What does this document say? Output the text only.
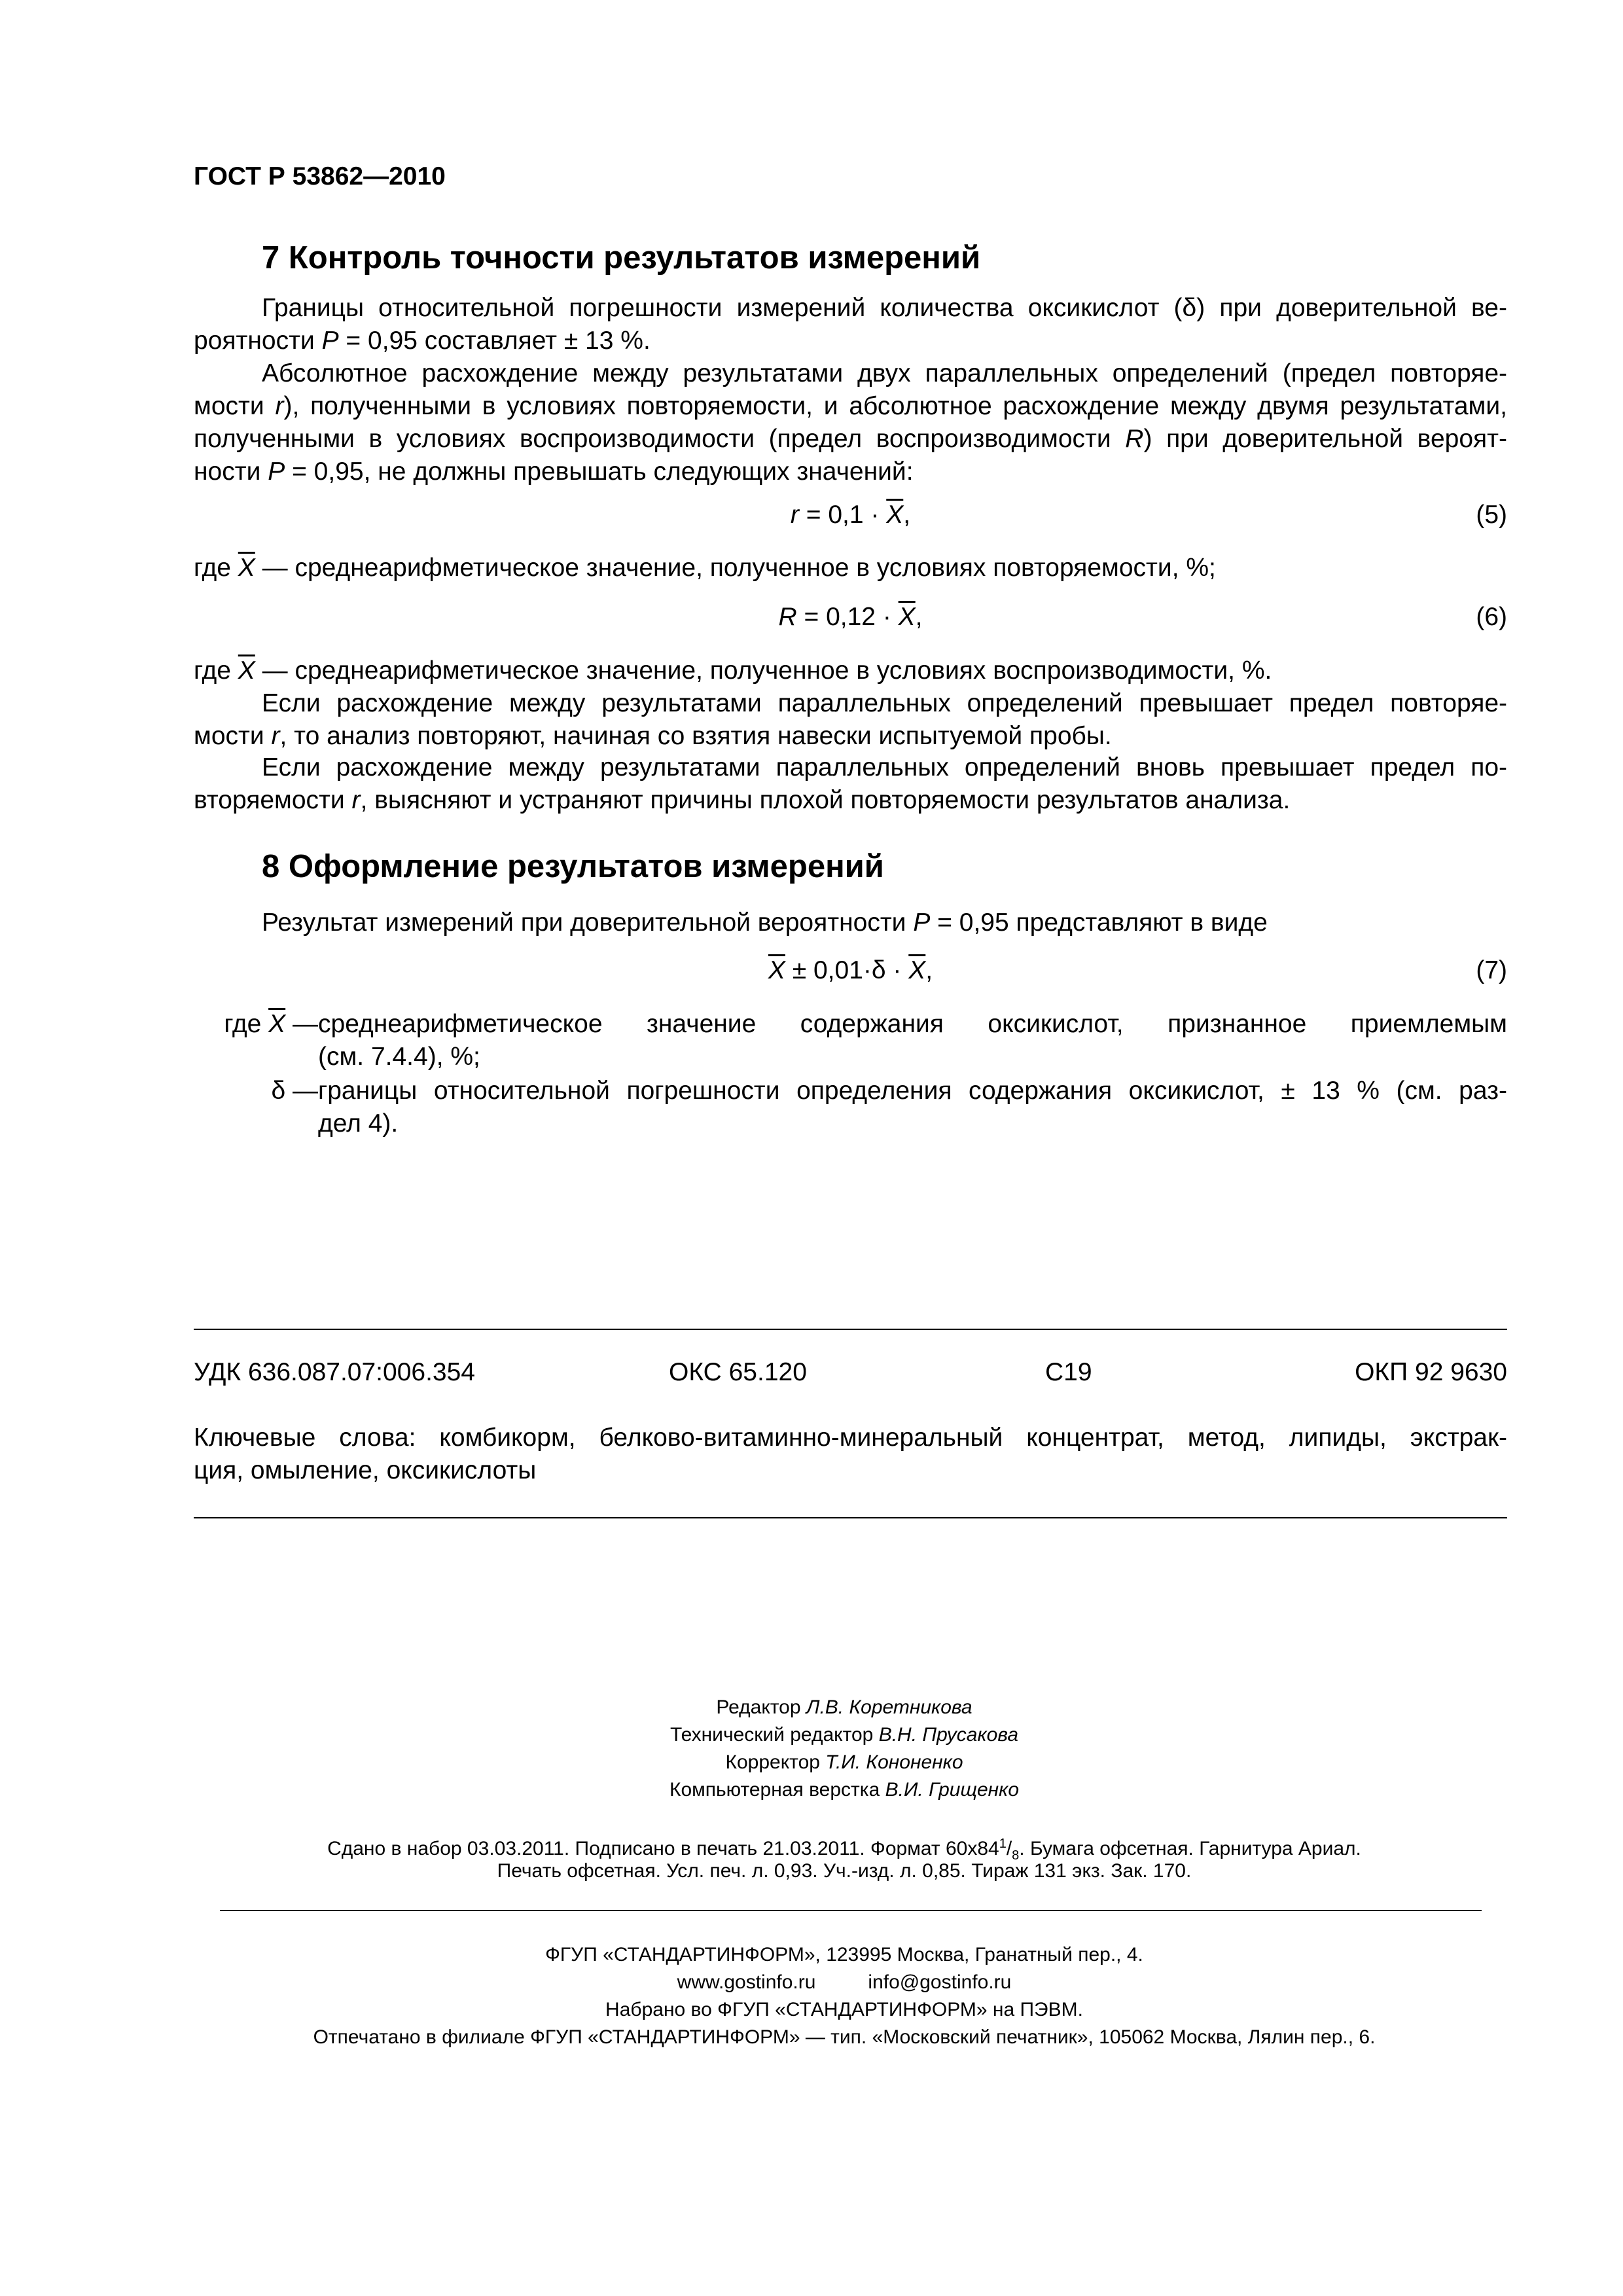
ГОСТ Р 53862—2010
7 Контроль точности результатов измерений
Границы относительной погрешности измерений количества оксикислот (δ) при доверительной ве-
роятности P = 0,95 составляет ± 13 %.
Абсолютное расхождение между результатами двух параллельных определений (предел повторяе-
мости r), полученными в условиях повторяемости, и абсолютное расхождение между двумя результатами,
полученными в условиях воспроизводимости (предел воспроизводимости R) при доверительной вероят-
ности P = 0,95, не должны превышать следующих значений:
$r = 0,1 \cdot \overline{X}$,	(5)
где $\overline{X}$ — среднеарифметическое значение, полученное в условиях повторяемости, %;
$R = 0,12 \cdot \overline{X}$,	(6)
где $\overline{X}$ — среднеарифметическое значение, полученное в условиях воспроизводимости, %.
Если расхождение между результатами параллельных определений превышает предел повторяе-
мости r, то анализ повторяют, начиная со взятия навески испытуемой пробы.
Если расхождение между результатами параллельных определений вновь превышает предел по-
вторяемости r, выясняют и устраняют причины плохой повторяемости результатов анализа.
8 Оформление результатов измерений
Результат измерений при доверительной вероятности P = 0,95 представляют в виде
$\overline{X} \pm 0,01\cdot\delta \cdot \overline{X}$,	(7)
где $\overline{X}$ — среднеарифметическое значение содержания оксикислот, признанное приемлемым
(см. 7.4.4), %;
δ — границы относительной погрешности определения содержания оксикислот, ± 13 % (см. раз-
дел 4).
УДК 636.087.07:006.354	ОКС 65.120	С19	ОКП 92 9630
Ключевые слова: комбикорм, белково-витаминно-минеральный концентрат, метод, липиды, экстрак-
ция, омыление, оксикислоты
Редактор Л.В. Коретникова
Технический редактор В.Н. Прусакова
Корректор Т.И. Кононенко
Компьютерная верстка В.И. Грищенко
Сдано в набор 03.03.2011. Подписано в печать 21.03.2011. Формат $60х84^1/_8$. Бумага офсетная. Гарнитура Ариал.
Печать офсетная. Усл. печ. л. 0,93. Уч.-изд. л. 0,85. Тираж 131 экз. Зак. 170.
ФГУП «СТАНДАРТИНФОРМ», 123995 Москва, Гранатный пер., 4.
www.gostinfo.ru	info@gostinfo.ru
Набрано во ФГУП «СТАНДАРТИНФОРМ» на ПЭВМ.
Отпечатано в филиале ФГУП «СТАНДАРТИНФОРМ» — тип. «Московский печатник», 105062 Москва, Лялин пер., 6.
